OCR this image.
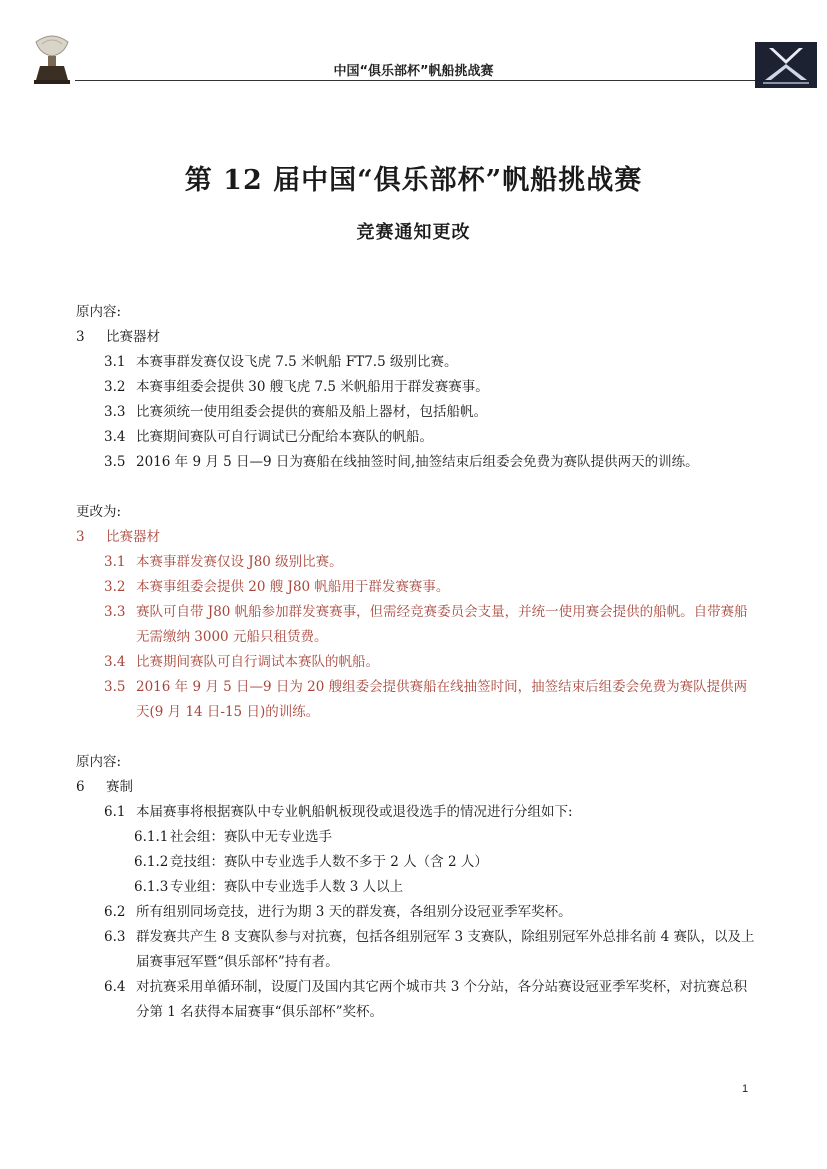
中国“俱乐部杯”帆船挑战赛
第 12 届中国“俱乐部杯”帆船挑战赛
竞赛通知更改

原内容:

3	比赛器材

3.1 本赛事群发赛仅设飞虎 7.5 米帆船 FT7.5 级别比赛。

3.2 本赛事组委会提供 30 艘飞虎 7.5 米帆船用于群发赛赛事。

3.3 比赛须统一使用组委会提供的赛船及船上器材，包括船帆。

3.4 比赛期间赛队可自行调试已分配给本赛队的帆船。

3.5 2016 年 9 月 5 日—9 日为赛船在线抽签时间,抽签结束后组委会免费为赛队提供两天的训练。

更改为:

3	比赛器材

3.1 本赛事群发赛仅设 J80 级别比赛。

3.2 本赛事组委会提供 20 艘 J80 帆船用于群发赛赛事。

3.3 赛队可自带 J80 帆船参加群发赛赛事，但需经竞赛委员会支量，并统一使用赛会提供的船帆。自带赛船无需缴纳 3000 元船只租赁费。

3.4 比赛期间赛队可自行调试本赛队的帆船。

3.5 2016 年 9 月 5 日—9 日为 20 艘组委会提供赛船在线抽签时间，抽签结束后组委会免费为赛队提供两天(9 月 14 日-15 日)的训练。

原内容:

6	赛制

6.1 本届赛事将根据赛队中专业帆船帆板现役或退役选手的情况进行分组如下:

6.1.1 社会组：赛队中无专业选手

6.1.2 竞技组：赛队中专业选手人数不多于 2 人（含 2 人）

6.1.3 专业组：赛队中专业选手人数 3 人以上

6.2 所有组别同场竞技，进行为期 3 天的群发赛，各组别分设冠亚季军奖杯。

6.3 群发赛共产生 8 支赛队参与对抗赛，包括各组别冠军 3 支赛队，除组别冠军外总排名前 4 赛队，以及上届赛事冠军暨“俱乐部杯”持有者。

6.4 对抗赛采用单循环制，设厦门及国内其它两个城市共 3 个分站，各分站赛设冠亚季军奖杯，对抗赛总积分第 1 名获得本届赛事“俱乐部杯”奖杯。

1
